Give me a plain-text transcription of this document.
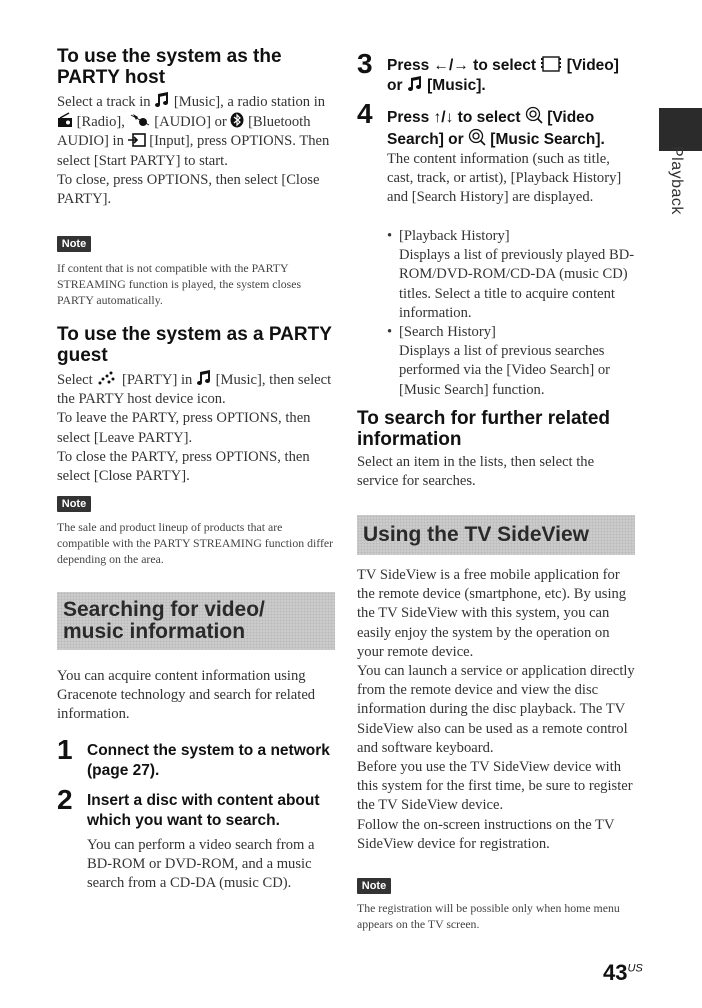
To use the system as the PARTY host

Select a track in [Music], a radio station in  [Radio], [AUDIO] or [Bluetooth AUDIO] in [Input], press OPTIONS. Then select [Start PARTY] to start.
To close, press OPTIONS, then select [Close PARTY].

Note

If content that is not compatible with the PARTY STREAMING function is played, the system closes PARTY automatically.

To use the system as a PARTY guest

Select [PARTY] in [Music], then select the PARTY host device icon.
To leave the PARTY, press OPTIONS, then select [Leave PARTY].
To close the PARTY, press OPTIONS, then select [Close PARTY].

Note

The sale and product lineup of products that are compatible with the PARTY STREAMING function differ depending on the area.

Searching for video/ music information

You can acquire content information using Gracenote technology and search for related information.

1 Connect the system to a network (page 27).

2 Insert a disc with content about which you want to search.

You can perform a video search from a BD-ROM or DVD-ROM, and a music search from a CD-DA (music CD).

3 Press ←/→ to select [Video] or [Music].

4 Press ↑/↓ to select [Video Search] or [Music Search].

The content information (such as title, cast, track, or artist), [Playback History] and [Search History] are displayed.

• [Playback History]
Displays a list of previously played BD-ROM/DVD-ROM/CD-DA (music CD) titles. Select a title to acquire content information.
• [Search History]
Displays a list of previous searches performed via the [Video Search] or [Music Search] function.
To search for further related information

Select an item in the lists, then select the service for searches.

Using the TV SideView

TV SideView is a free mobile application for the remote device (smartphone, etc). By using the TV SideView with this system, you can easily enjoy the system by the operation on your remote device.
You can launch a service or application directly from the remote device and view the disc information during the disc playback. The TV SideView also can be used as a remote control and software keyboard.
Before you use the TV SideView device with this system for the first time, be sure to register the TV SideView device.
Follow the on-screen instructions on the TV SideView device for registration.

Note

The registration will be possible only when home menu appears on the TV screen.

Playback
$43^{US}$
